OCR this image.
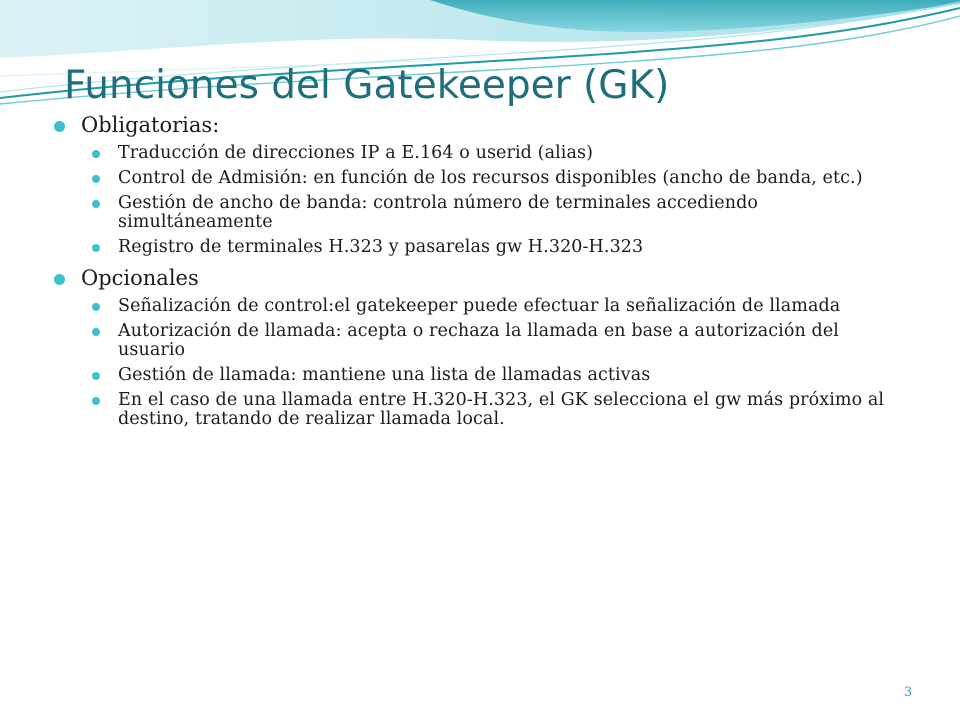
Funciones del Gatekeeper (GK)
Obligatorias:
Traducción de direcciones IP a E.164 o userid (alias)
Control de Admisión: en función de los recursos disponibles (ancho de banda, etc.)
Gestión de ancho de banda: controla número de terminales accediendo simultáneamente
Registro de terminales H.323 y pasarelas gw H.320-H.323
Opcionales
Señalización de control:el gatekeeper puede efectuar la señalización de llamada
Autorización de llamada: acepta o rechaza la llamada en base a autorización del usuario
Gestión de llamada: mantiene una lista de llamadas activas
En el caso de una llamada entre H.320-H.323, el GK selecciona el gw más próximo al destino, tratando de realizar llamada local.
3
